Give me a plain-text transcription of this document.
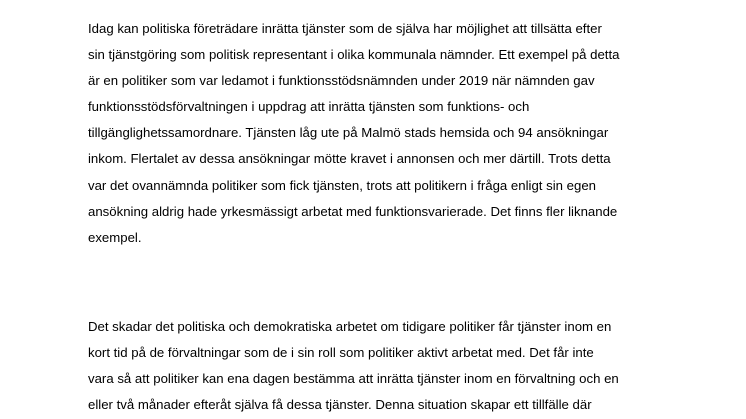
Idag kan politiska företrädare inrätta tjänster som de själva har möjlighet att tillsätta efter
sin tjänstgöring som politisk representant i olika kommunala nämnder. Ett exempel på detta
är en politiker som var ledamot i funktionsstödsnämnden under 2019 när nämnden gav
funktionsstödsförvaltningen i uppdrag att inrätta tjänsten som funktions- och
tillgänglighetssamordnare. Tjänsten låg ute på Malmö stads hemsida och 94 ansökningar
inkom. Flertalet av dessa ansökningar mötte kravet i annonsen och mer därtill. Trots detta
var det ovannämnda politiker som fick tjänsten, trots att politikern i fråga enligt sin egen
ansökning aldrig hade yrkesmässigt arbetat med funktionsvarierade. Det finns fler liknande
exempel.

Det skadar det politiska och demokratiska arbetet om tidigare politiker får tjänster inom en
kort tid på de förvaltningar som de i sin roll som politiker aktivt arbetat med. Det får inte
vara så att politiker kan ena dagen bestämma att inrätta tjänster inom en förvaltning och en
eller två månader efteråt själva få dessa tjänster. Denna situation skapar ett tillfälle där
